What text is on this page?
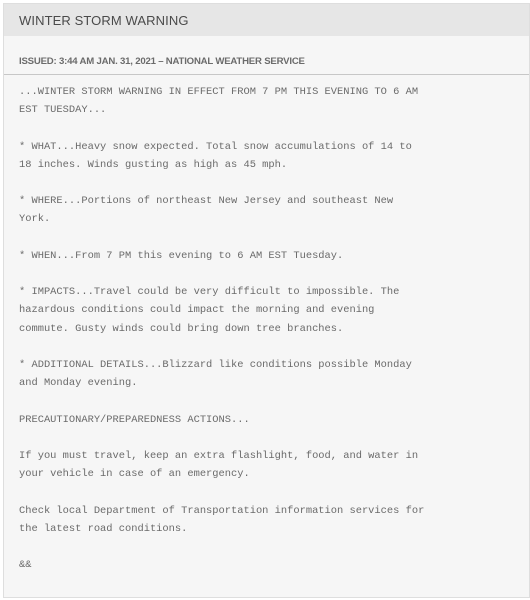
WINTER STORM WARNING
ISSUED: 3:44 AM JAN. 31, 2021 – NATIONAL WEATHER SERVICE
...WINTER STORM WARNING IN EFFECT FROM 7 PM THIS EVENING TO 6 AM
EST TUESDAY...

* WHAT...Heavy snow expected. Total snow accumulations of 14 to
18 inches. Winds gusting as high as 45 mph.

* WHERE...Portions of northeast New Jersey and southeast New
York.

* WHEN...From 7 PM this evening to 6 AM EST Tuesday.

* IMPACTS...Travel could be very difficult to impossible. The
hazardous conditions could impact the morning and evening
commute. Gusty winds could bring down tree branches.

* ADDITIONAL DETAILS...Blizzard like conditions possible Monday
and Monday evening.

PRECAUTIONARY/PREPAREDNESS ACTIONS...

If you must travel, keep an extra flashlight, food, and water in
your vehicle in case of an emergency.

Check local Department of Transportation information services for
the latest road conditions.

&&
